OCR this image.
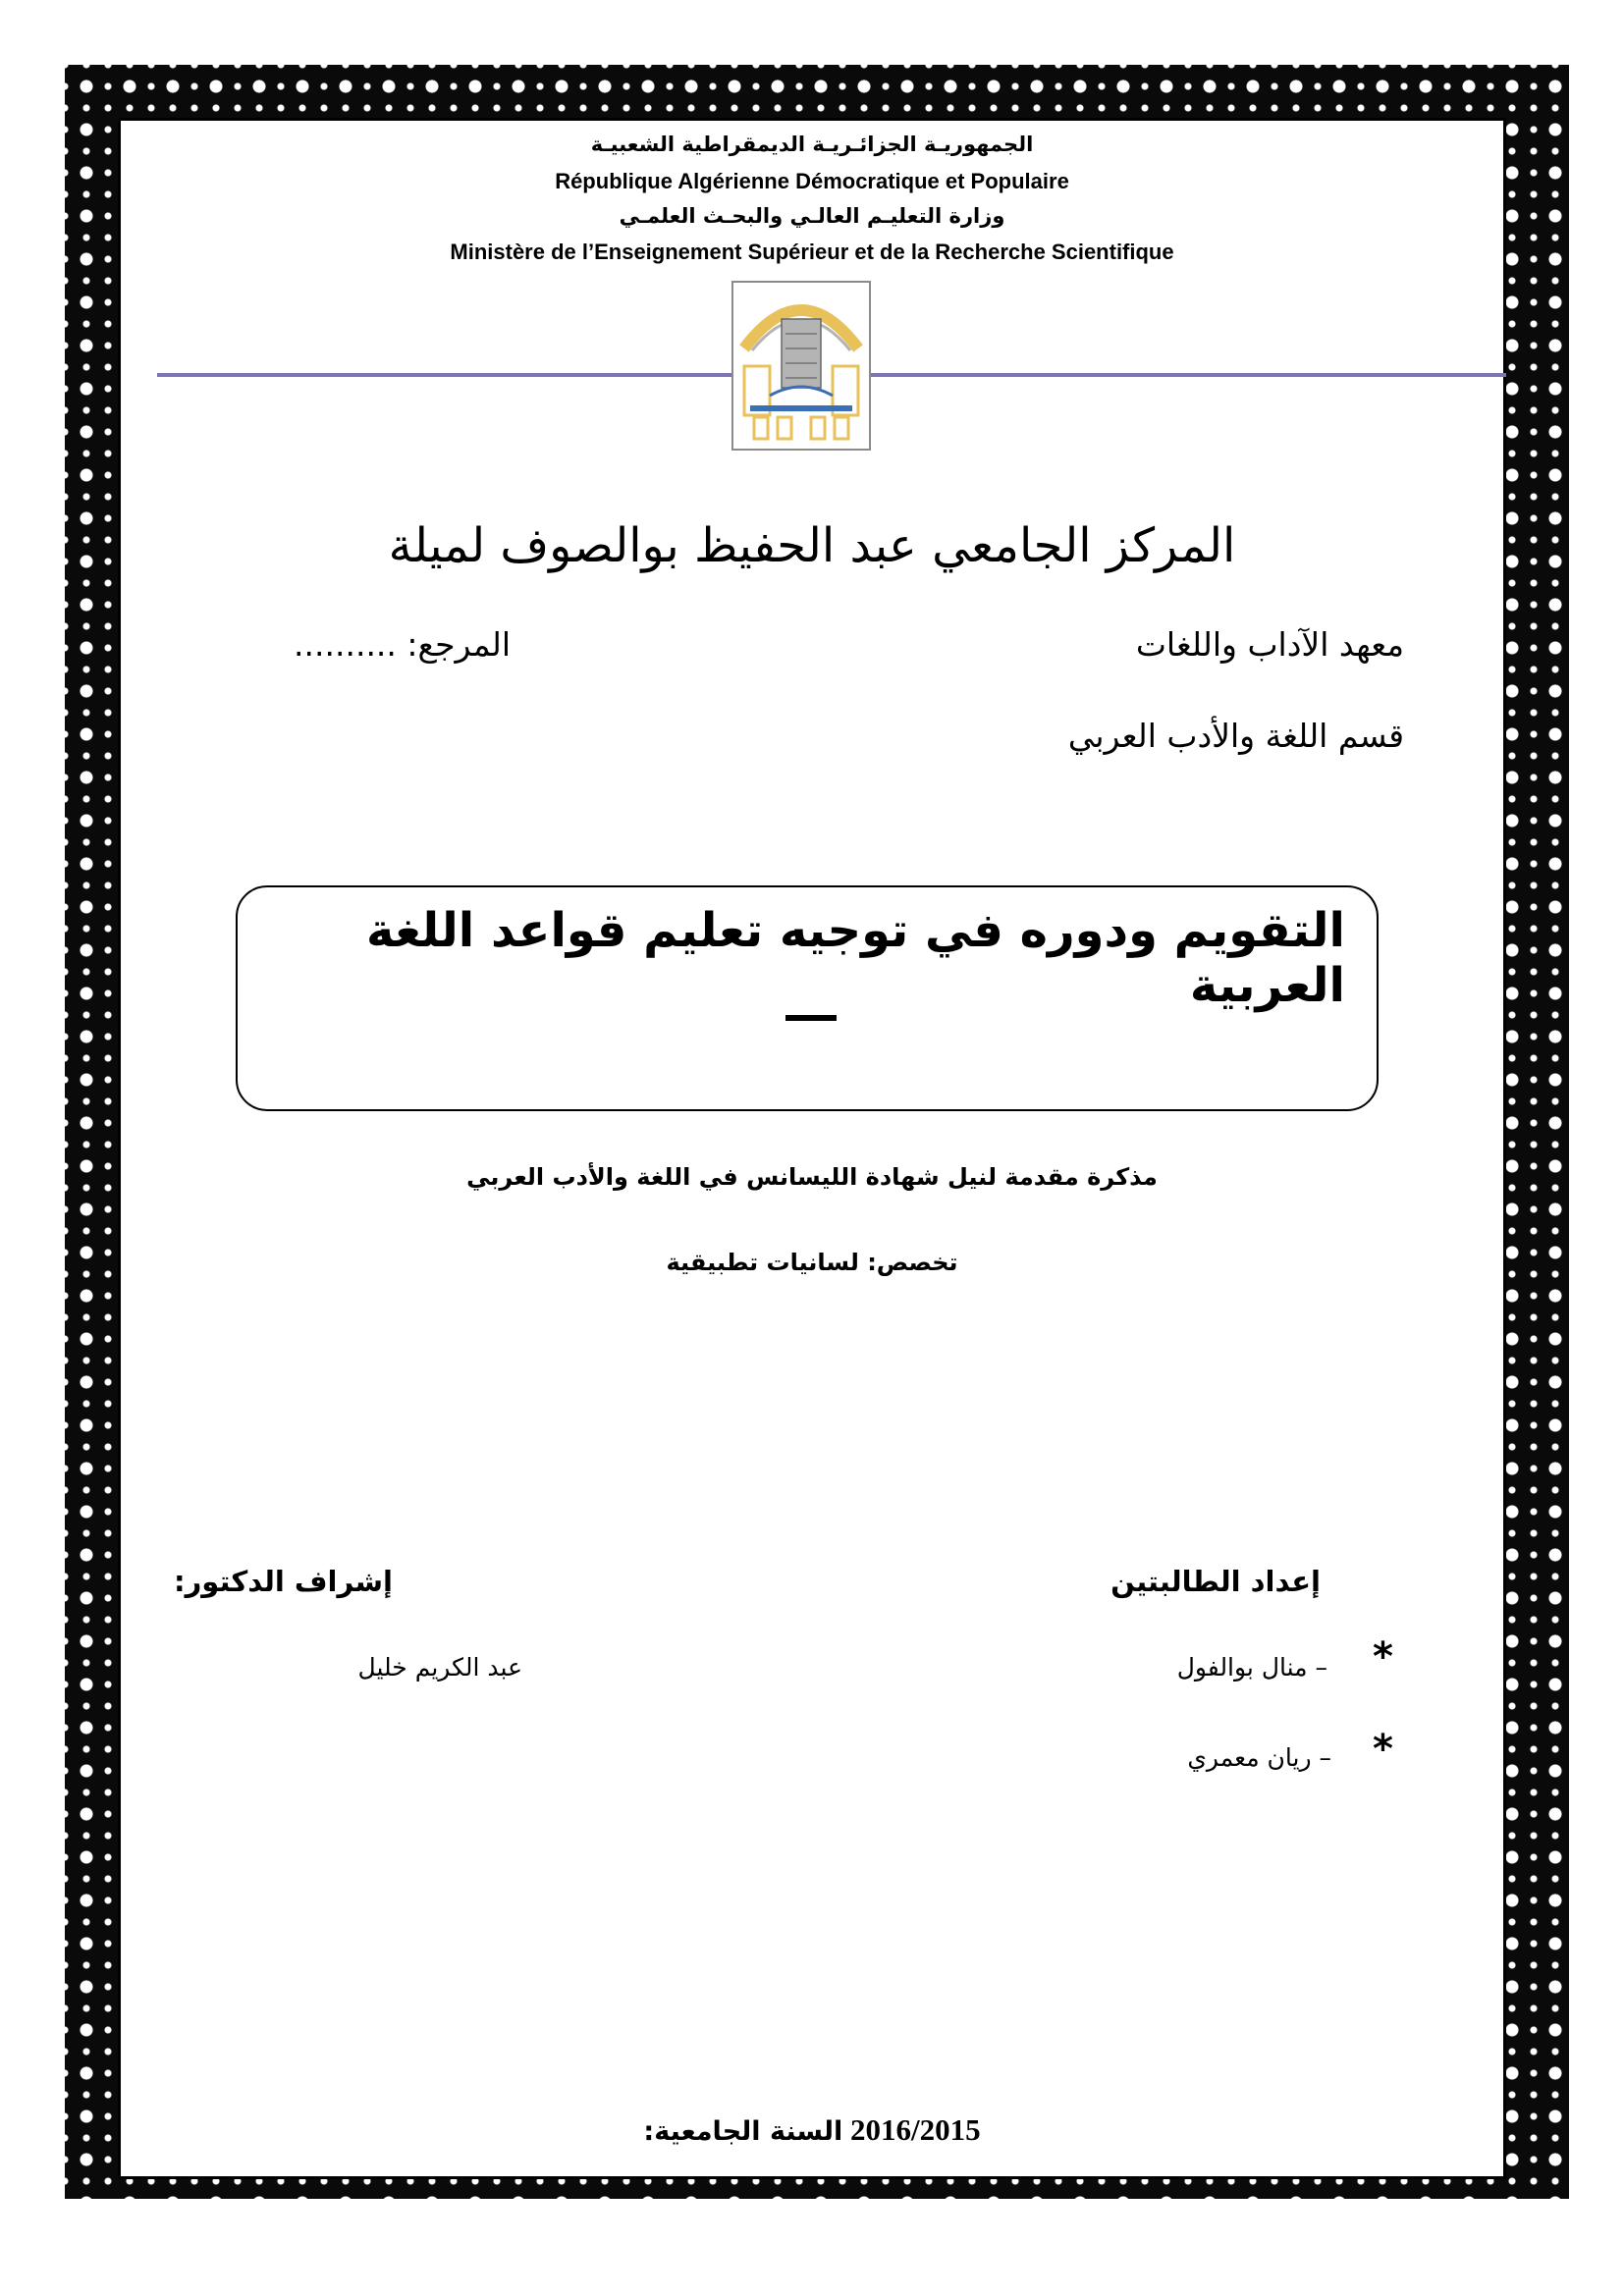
الجمهوريـة الجزائـريـة الديمقراطية الشعبيـة
République Algérienne Démocratique et Populaire
وزارة التعليـم العالـي والبحـث العلمـي
Ministère de l’Enseignement Supérieur et de la Recherche Scientifique
المركز الجامعي عبد الحفيظ بوالصوف لميلة
معهد الآداب واللغات
المرجع: ..........
قسم اللغة والأدب العربي
التقويم ودوره في توجيه تعليم قواعد اللغة العربية
مذكرة مقدمة لنيل شهادة الليسانس في اللغة والأدب العربي
تخصص: لسانيات تطبيقية
إعداد الطالبتين
إشراف الدكتور:
*
– منال بوالفول
عبد الكريم خليل
*
– ريان معمري
السنة الجامعية: 2016/2015
